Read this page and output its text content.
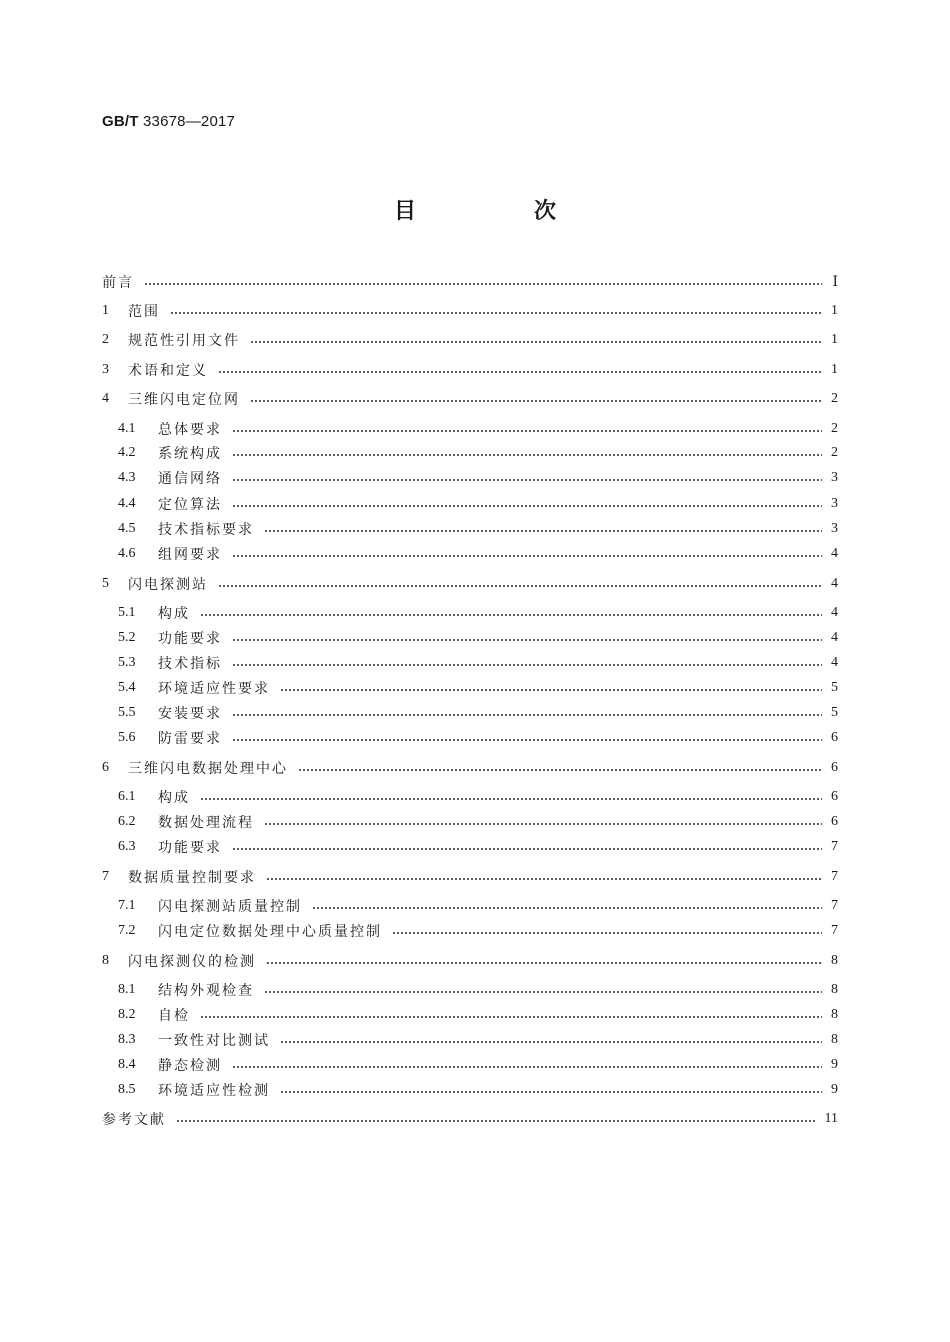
GB/T 33678—2017
目　次
前言	Ⅰ
1	范围	1
2	规范性引用文件	1
3	术语和定义	1
4	三维闪电定位网	2
4.1	总体要求	2
4.2	系统构成	2
4.3	通信网络	3
4.4	定位算法	3
4.5	技术指标要求	3
4.6	组网要求	4
5	闪电探测站	4
5.1	构成	4
5.2	功能要求	4
5.3	技术指标	4
5.4	环境适应性要求	5
5.5	安装要求	5
5.6	防雷要求	6
6	三维闪电数据处理中心	6
6.1	构成	6
6.2	数据处理流程	6
6.3	功能要求	7
7	数据质量控制要求	7
7.1	闪电探测站质量控制	7
7.2	闪电定位数据处理中心质量控制	7
8	闪电探测仪的检测	8
8.1	结构外观检查	8
8.2	自检	8
8.3	一致性对比测试	8
8.4	静态检测	9
8.5	环境适应性检测	9
参考文献	11
